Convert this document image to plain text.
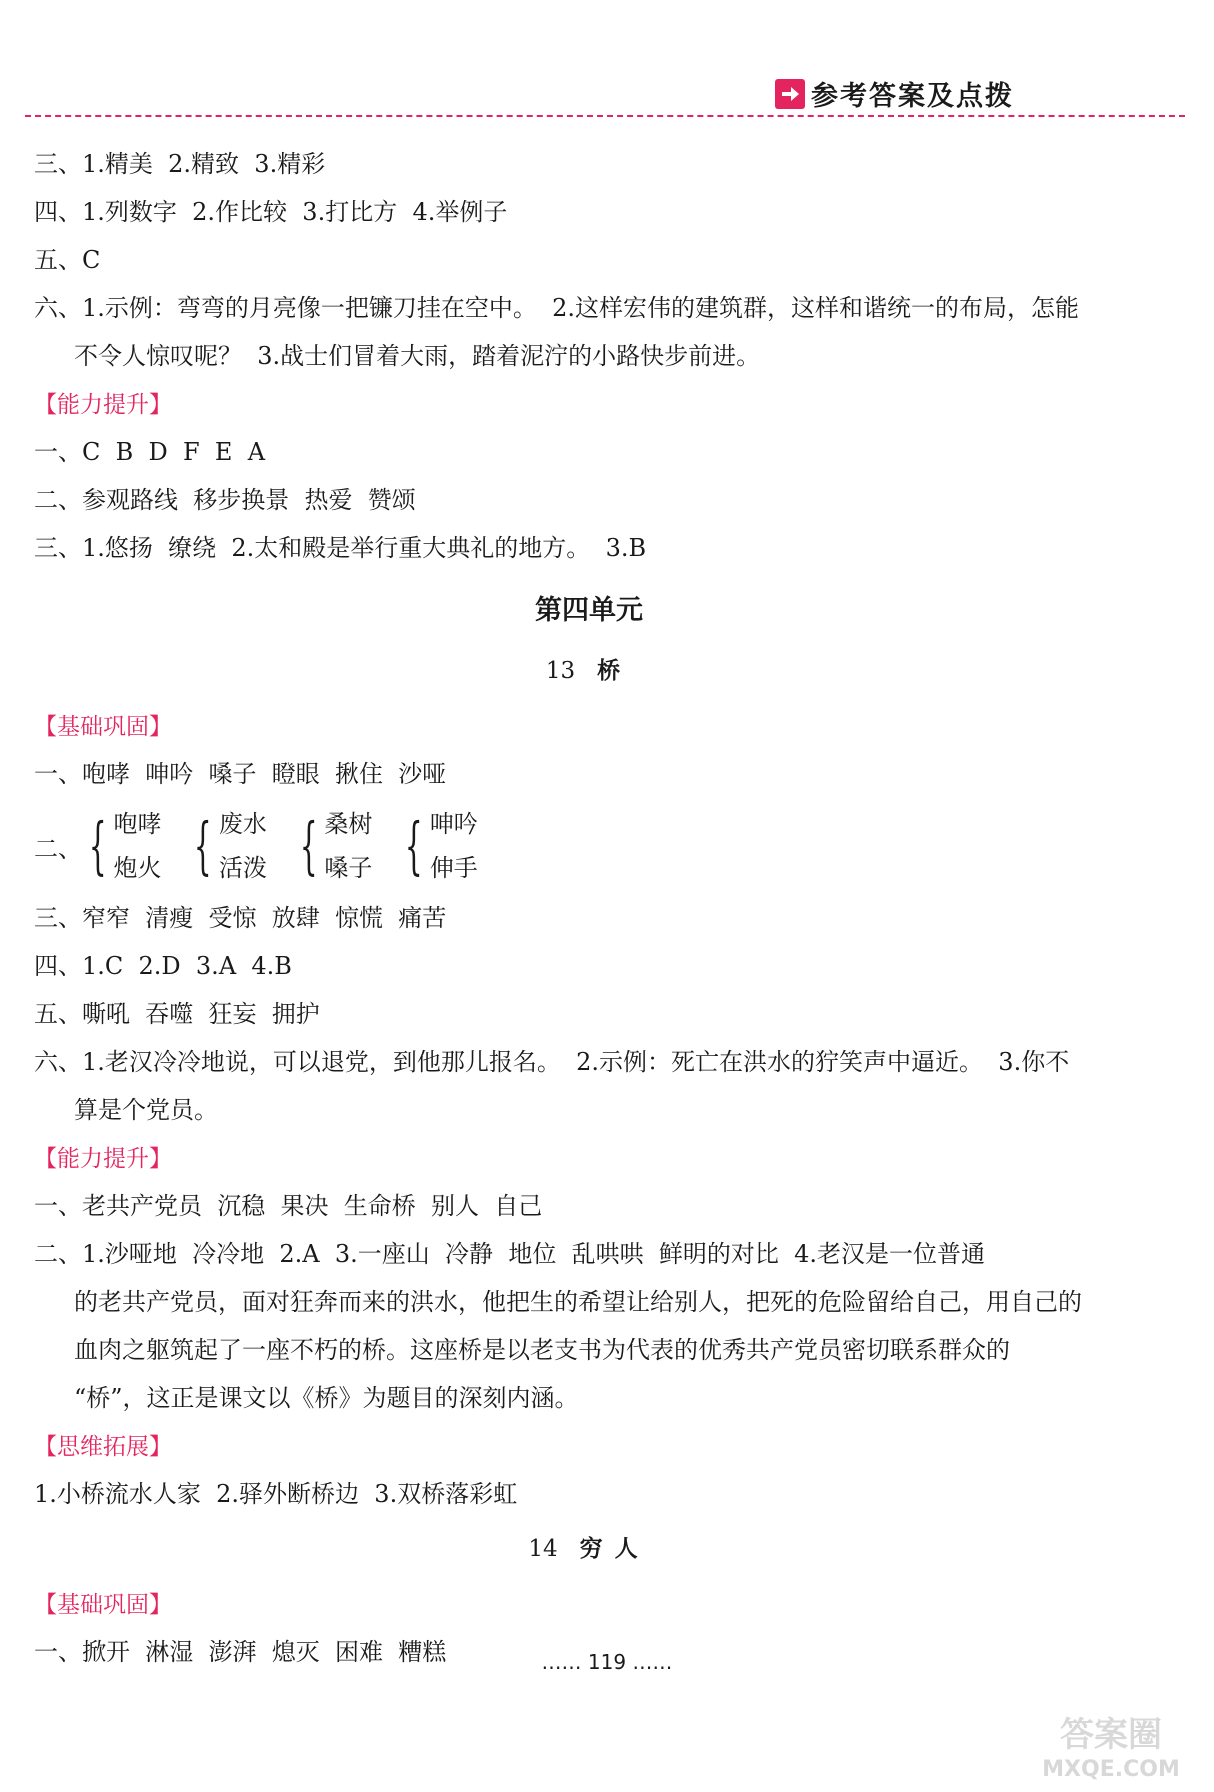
参考答案及点拨
三、1.精美  2.精致  3.精彩
四、1.列数字  2.作比较  3.打比方  4.举例子
五、C
六、1.示例：弯弯的月亮像一把镰刀挂在空中。  2.这样宏伟的建筑群，这样和谐统一的布局，怎能
不令人惊叹呢？  3.战士们冒着大雨，踏着泥泞的小路快步前进。
【能力提升】
一、C  B  D  F  E  A
二、参观路线  移步换景  热爱  赞颂
三、1.悠扬  缭绕  2.太和殿是举行重大典礼的地方。  3.B
第四单元
13 桥
【基础巩固】
一、咆哮  呻吟  嗓子  瞪眼  揪住  沙哑
二、 { 咆哮
炮火 { 废水
活泼 { 桑树
嗓子 { 呻吟
伸手
三、窄窄  清瘦  受惊  放肆  惊慌  痛苦
四、1.C  2.D  3.A  4.B
五、嘶吼  吞噬  狂妄  拥护
六、1.老汉冷冷地说，可以退党，到他那儿报名。  2.示例：死亡在洪水的狞笑声中逼近。  3.你不
算是个党员。
【能力提升】
一、老共产党员  沉稳  果决  生命桥  别人  自己
二、1.沙哑地  冷冷地  2.A  3.一座山  冷静  地位  乱哄哄  鲜明的对比  4.老汉是一位普通
的老共产党员，面对狂奔而来的洪水，他把生的希望让给别人，把死的危险留给自己，用自己的
血肉之躯筑起了一座不朽的桥。这座桥是以老支书为代表的优秀共产党员密切联系群众的
“桥”，这正是课文以《桥》为题目的深刻内涵。
【思维拓展】
1.小桥流水人家  2.驿外断桥边  3.双桥落彩虹
14 穷人
【基础巩固】
一、掀开  淋湿  澎湃  熄灭  困难  糟糕	…… 119 ……
答案圈
MXQE.COM
